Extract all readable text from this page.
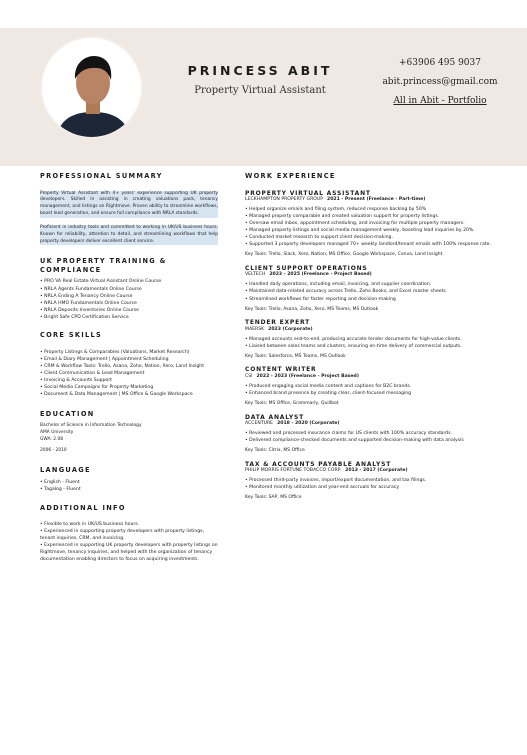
PRINCESS ABIT
Property Virtual Assistant
+63906 495 9037
abit.princess@gmail.com
All in Abit - Portfolio
PROFESSIONAL SUMMARY
Property Virtual Assistant with 4+ years' experience supporting UK property developers. Skilled in assisting in creating valuations pack, tenancy management, and listings on Rightmove. Proven ability to streamline workflows, boost lead generation, and ensure full compliance with NRLA standards.
Proficient in industry tools and committed to working in UK/US business hours. Known for reliability, attention to detail, and streamlining workflows that help property developers deliver excellent client service.
UK PROPERTY TRAINING & COMPLIANCE
• PRO VA Real Estate Virtual Assistant Online Course
• NRLA Agents Fundamentals Online Course
• NRLA Ending A Tenancy Online Course
• NRLA HMO Fundamentals Online Course
• NRLA Deposits Inventories Online Course
• Bright Safe CPD Certification Service
CORE SKILLS
• Property Listings & Comparables (Valuations, Market Research)
• Email & Diary Management | Appointment Scheduling
• CRM & Workflow Tools: Trello, Asana, Zoho, Nation, Xero, Land Insight
• Client Communication & Lead Management
• Invoicing & Accounts Support
• Social Media Campaigns for Property Marketing
• Document & Data Management | MS Office & Google Workspace
EDUCATION
Bachelor of Science in Information Technology
AMA University
GWA: 2.08
2006 - 2010
LANGUAGE
• English - Fluent
• Tagalog - Fluent
ADDITIONAL INFO
• Flexible to work in UK/US business hours.
• Experienced in supporting property developers with property listings, tenant inquiries, CRM, and invoicing.
• Experienced in supporting UK property developers with property listings on Rightmove, tenancy inquiries, and helped with the organization of tenancy documentation enabling directors to focus on acquiring investments.
WORK EXPERIENCE
PROPERTY VIRTUAL ASSISTANT
LECKHAMPTON PROPERTY GROUP 2021 - Present (Freelance - Part-time)
• Helped organize emails and filing system, reduced response backlog by 50%
• Managed property comparable and created valuation support for property listings.
• Oversaw email inbox, appointment scheduling, and invoicing for multiple property managers.
• Managed property listings and social media management weekly, boosting lead inquiries by 20%.
• Conducted market research to support client decision-making.
• Supported 3 property developers managed 70+ weekly landlord/tenant emails with 100% response rate.
Key Tools: Trello, Slack, Xero, Nation, MS Office, Google Workspace, Canva, Land Insight
CLIENT SUPPORT OPERATIONS
VELTECH 2023 - 2025 (Freelance - Project Based)
• Handled daily operations, including email, invoicing, and supplier coordination.
• Maintained data-related accuracy across Trello, Zoho Books, and Excel master sheets.
• Streamlined workflows for faster reporting and decision-making
Key Tools: Trello, Asana, Zoho, Xero, MS Teams, MS Outlook
TENDER EXPERT
MAERSK 2023 (Corporate)
• Managed accounts end-to-end, producing accurate tender documents for high-value clients.
• Liaised between sales teams and clusters, ensuring on-time delivery of commercial outputs.
Key Tools: Salesforce, MS Teams, MS Outlook
CONTENT WRITER
CSI 2022 - 2023 (Freelance - Project Based)
• Produced engaging social media content and captions for B2C brands.
• Enhanced brand presence by creating clear, client-focused messaging
Key Tools: MS Office, Grammarly, Quillbot
DATA ANALYST
ACCENTURE 2018 - 2020 (Corporate)
• Reviewed and processed insurance claims for US clients with 100% accuracy standards.
• Delivered compliance-checked documents and supported decision-making with data analysis
Key Tools: Citrix, MS Office
TAX & ACCOUNTS PAYABLE ANALYST
PHILIP MORRIS FORTUNE TOBACCO CORP. 2013 - 2017 (Corporate)
• Processed third-party invoices, import/export documentation, and tax filings.
• Monitored monthly utilization and year-end accruals for accuracy
Key Tools: SAP, MS Office
